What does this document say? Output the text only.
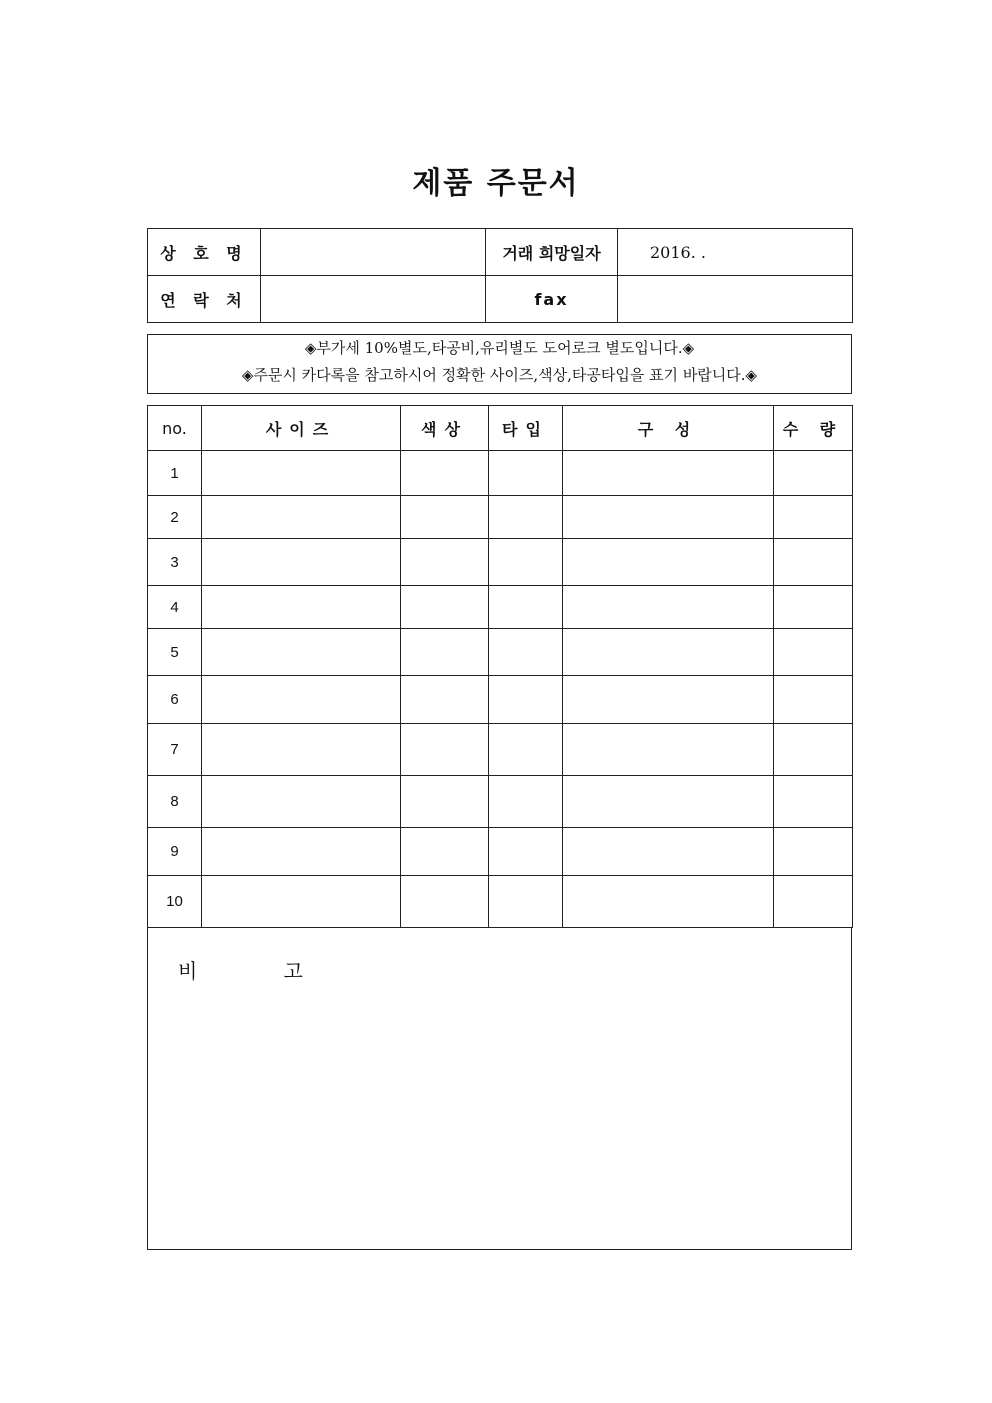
제품 주문서
상 호 명		거래 희망일자	2016. .
연 락 처		fax	
◈부가세 10%별도,타공비,유리별도 도어로크 별도입니다.◈
◈주문시 카다록을 참고하시어 정확한 사이즈,색상,타공타입을 표기 바랍니다.◈
no.	사이즈	색상	타입	구 성	수 량
1					
2					
3					
4					
5					
6					
7					
8					
9					
10					
비 고
